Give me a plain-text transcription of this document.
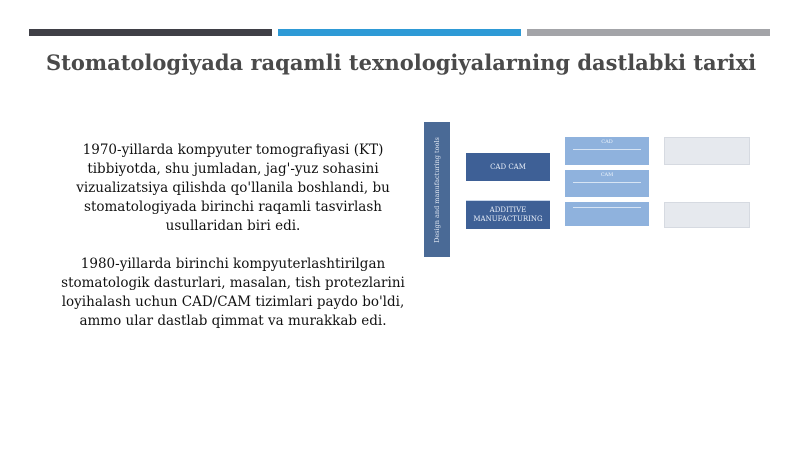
Stomatologiyada raqamli texnologiyalarning dastlabki tarixi

1970-yillarda kompyuter tomografiyasi (KT) tibbiyotda, shu jumladan, jag'-yuz sohasini vizualizatsiya qilishda qo'llanila boshlandi, bu stomatologiyada birinchi raqamli tasvirlash usullaridan biri edi.

1980-yillarda birinchi kompyuterlashtirilgan stomatologik dasturlari, masalan, tish protezlarini loyihalash uchun CAD/CAM tizimlari paydo bo'ldi, ammo ular dastlab qimmat va murakkab edi.

Design and manufacturing tools	CAD CAM
ADDITIVE MANUFACTURING
CAD
CAM
